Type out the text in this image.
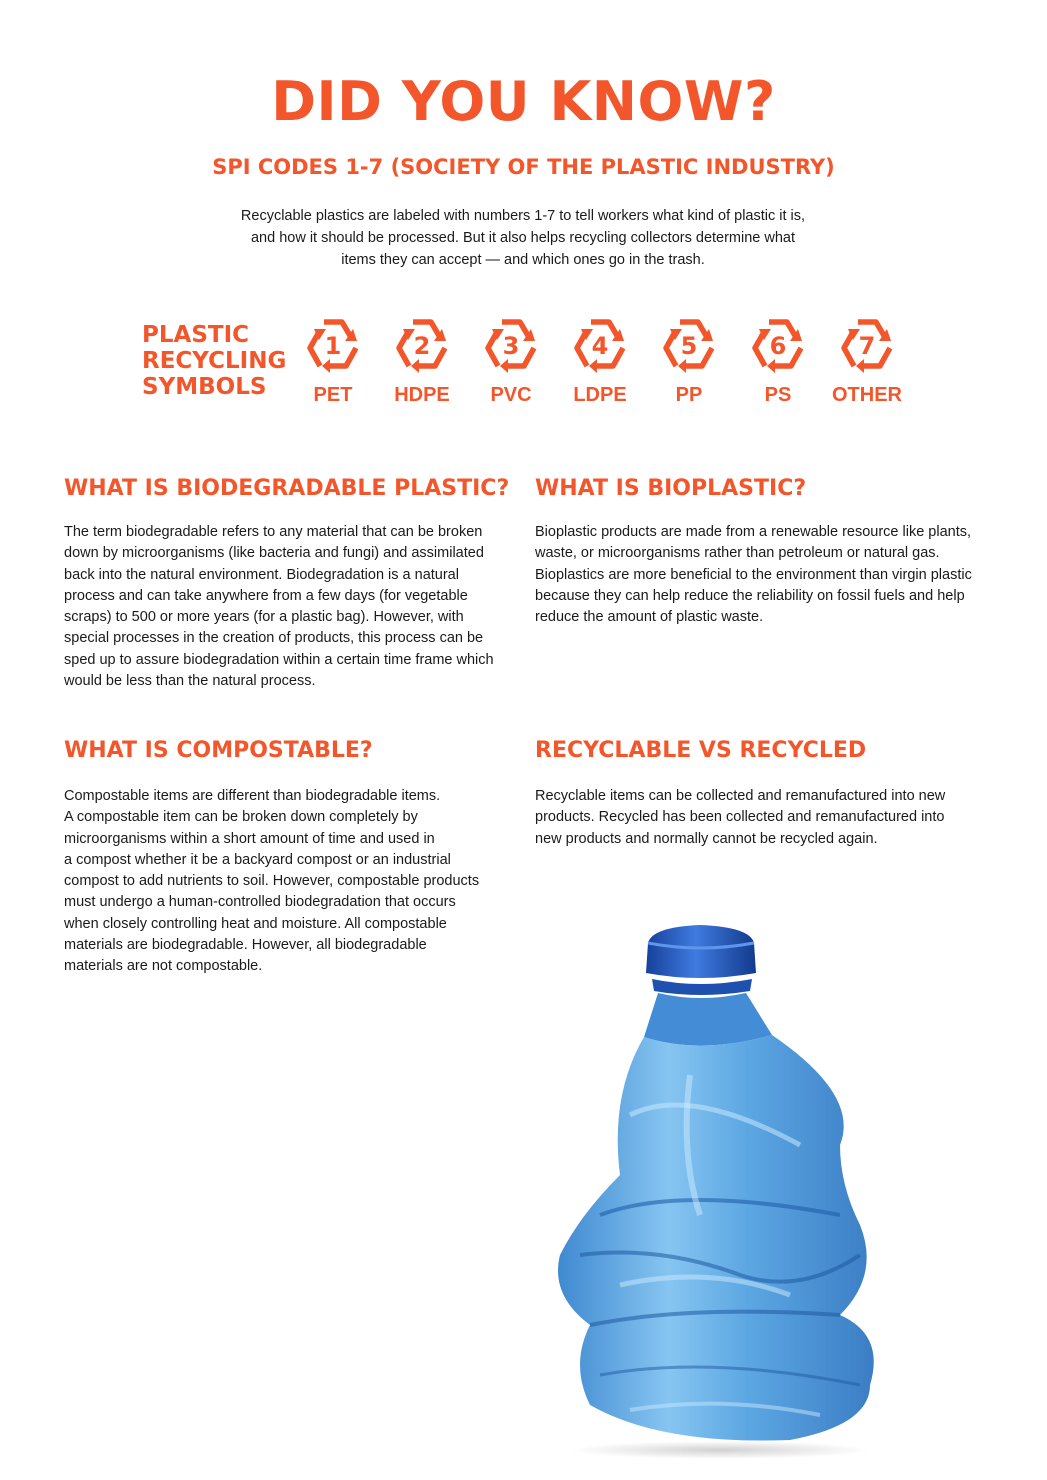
DID YOU KNOW?
SPI CODES 1-7 (SOCIETY OF THE PLASTIC INDUSTRY)

Recyclable plastics are labeled with numbers 1-7 to tell workers what kind of plastic it is,
and how it should be processed. But it also helps recycling collectors determine what
items they can accept — and which ones go in the trash.

PLASTIC
RECYCLING
SYMBOLS
1
PET
2
HDPE
3
PVC
4
LDPE
5
PP
6
PS
7
OTHER
WHAT IS BIODEGRADABLE PLASTIC?

The term biodegradable refers to any material that can be broken
down by microorganisms (like bacteria and fungi) and assimilated
back into the natural environment. Biodegradation is a natural
process and can take anywhere from a few days (for vegetable
scraps) to 500 or more years (for a plastic bag). However, with
special processes in the creation of products, this process can be
sped up to assure biodegradation within a certain time frame which
would be less than the natural process.

WHAT IS BIOPLASTIC?

Bioplastic products are made from a renewable resource like plants,
waste, or microorganisms rather than petroleum or natural gas.
Bioplastics are more beneficial to the environment than virgin plastic
because they can help reduce the reliability on fossil fuels and help
reduce the amount of plastic waste.

WHAT IS COMPOSTABLE?

Compostable items are different than biodegradable items.
A compostable item can be broken down completely by
microorganisms within a short amount of time and used in
a compost whether it be a backyard compost or an industrial
compost to add nutrients to soil. However, compostable products
must undergo a human-controlled biodegradation that occurs
when closely controlling heat and moisture. All compostable
materials are biodegradable. However, all biodegradable
materials are not compostable.

RECYCLABLE VS RECYCLED

Recyclable items can be collected and remanufactured into new
products. Recycled has been collected and remanufactured into
new products and normally cannot be recycled again.
